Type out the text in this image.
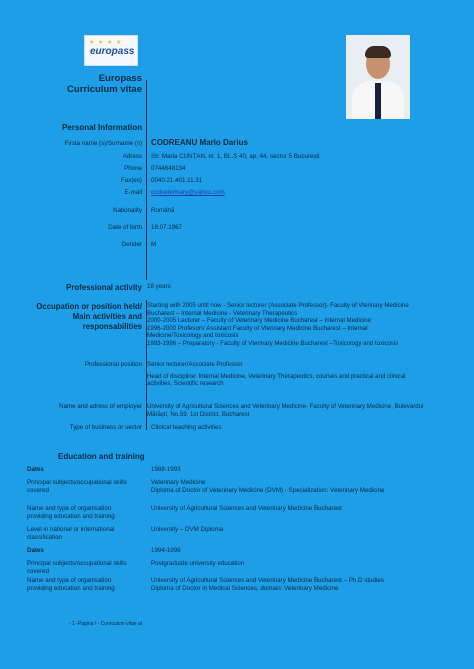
★ ★ ★ ★
europass
Europass
Curriculum vitae
Personal Information
Firsta name (s)/Surname (s) CODREANU Mario Darius
Adress Str. Maria CUNȚAN, nr. 1, BL.S 40, ap. 44, sector 5 București
Phone 0744648134
Fax(es) 0040.21.401.11.31
E-mail codveterinary@yahoo.com
Nationality Română
Date of birth 18.07.1967
Gender M
Professional activity 18 years
Occupation or position held/
Main activities and
responsabilities
Starting with 2005 until now - Senior lecturer (Associate Professor)- Faculty of Vterinary Medicine
Bucharest – Internal Medicine - Veterinary Therapeutics
2000-2005 Lecturer – Faculty of Veterinary Medicine Bucharest – Internal Medicine
1996-2000 Profesors' Assistant Faculty of Vterinary Medicine Bucharest – Internal
Medicine/Toxicology and toxicosis
1993-1996 – Preparatory - Faculty of Vterinary Medicine Bucharest –Toxicology and toxicosis
Professional position Senior lecturer/Associate Professor
Head of discipline: Internal Medicine, Veterinary Therapeutics, courses and practical and clinical
activities, Scientific research
Name and adress of employer University of Agricultural Sciences and Veterinary Medicine- Faculty of Veterinary Medicine, Bulevardul
Mărăști, No.59, 1st District, Bucharest
Type of business or sector Clinical teaching activities
Education and training
Dates	1988-1993
Principal subjects/occupational skills
covered
Veterinary Medicine
Diploma of Doctor of Veterinary Medicine (DVM) - Specialization: Veterinary Medicine
Name and type of organisation
providing education and training
University of Agricultural Sciences and Veterinary Medicine Bucharest
Level in national or international
classification
University – DVM Diploma
Dates	1994-1999
Principal subjects/occupational skills
covered
Postgraduate university education
Name and type of organisation
providing education and training
University of Agricultural Sciences and Veterinary Medicine Bucharest – Ph.D studies
Diploma of Doctor in Medical Sciences, domain: Veterinary Medicine
- 1 -Pagina / - Curriculum vitae al
